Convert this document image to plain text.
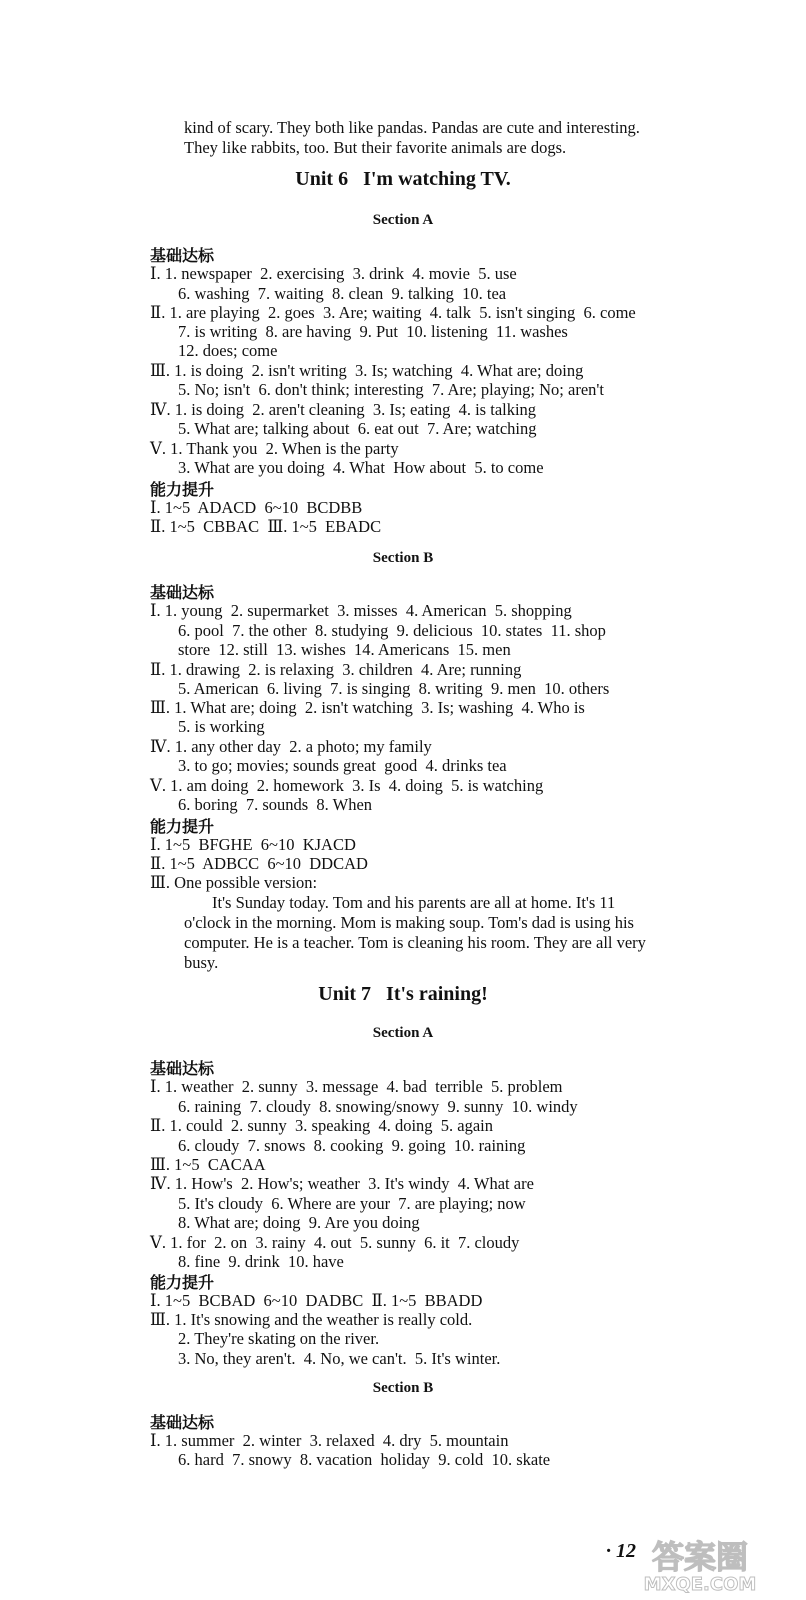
kind of scary. They both like pandas. Pandas are cute and interesting.
They like rabbits, too. But their favorite animals are dogs.
Unit 6   I'm watching TV.
Section A
基础达标
Ⅰ. 1. newspaper  2. exercising  3. drink  4. movie  5. use
6. washing  7. waiting  8. clean  9. talking  10. tea
Ⅱ. 1. are playing  2. goes  3. Are; waiting  4. talk  5. isn't singing  6. come
7. is writing  8. are having  9. Put  10. listening  11. washes
12. does; come
Ⅲ. 1. is doing  2. isn't writing  3. Is; watching  4. What are; doing
5. No; isn't  6. don't think; interesting  7. Are; playing; No; aren't
Ⅳ. 1. is doing  2. aren't cleaning  3. Is; eating  4. is talking
5. What are; talking about  6. eat out  7. Are; watching
Ⅴ. 1. Thank you  2. When is the party
3. What are you doing  4. What  How about  5. to come
能力提升
Ⅰ. 1~5  ADACD  6~10  BCDBB
Ⅱ. 1~5  CBBAC  Ⅲ. 1~5  EBADC
Section B
基础达标
Ⅰ. 1. young  2. supermarket  3. misses  4. American  5. shopping
6. pool  7. the other  8. studying  9. delicious  10. states  11. shop
store  12. still  13. wishes  14. Americans  15. men
Ⅱ. 1. drawing  2. is relaxing  3. children  4. Are; running
5. American  6. living  7. is singing  8. writing  9. men  10. others
Ⅲ. 1. What are; doing  2. isn't watching  3. Is; washing  4. Who is
5. is working
Ⅳ. 1. any other day  2. a photo; my family
3. to go; movies; sounds great  good  4. drinks tea
Ⅴ. 1. am doing  2. homework  3. Is  4. doing  5. is watching
6. boring  7. sounds  8. When
能力提升
Ⅰ. 1~5  BFGHE  6~10  KJACD
Ⅱ. 1~5  ADBCC  6~10  DDCAD
Ⅲ. One possible version:
It's Sunday today. Tom and his parents are all at home. It's 11
o'clock in the morning. Mom is making soup. Tom's dad is using his
computer. He is a teacher. Tom is cleaning his room. They are all very
busy.
Unit 7   It's raining!
Section A
基础达标
Ⅰ. 1. weather  2. sunny  3. message  4. bad  terrible  5. problem
6. raining  7. cloudy  8. snowing/snowy  9. sunny  10. windy
Ⅱ. 1. could  2. sunny  3. speaking  4. doing  5. again
6. cloudy  7. snows  8. cooking  9. going  10. raining
Ⅲ. 1~5  CACAA
Ⅳ. 1. How's  2. How's; weather  3. It's windy  4. What are
5. It's cloudy  6. Where are your  7. are playing; now
8. What are; doing  9. Are you doing
Ⅴ. 1. for  2. on  3. rainy  4. out  5. sunny  6. it  7. cloudy
8. fine  9. drink  10. have
能力提升
Ⅰ. 1~5  BCBAD  6~10  DADBC  Ⅱ. 1~5  BBADD
Ⅲ. 1. It's snowing and the weather is really cold.
2. They're skating on the river.
3. No, they aren't.  4. No, we can't.  5. It's winter.
Section B
基础达标
Ⅰ. 1. summer  2. winter  3. relaxed  4. dry  5. mountain
6. hard  7. snowy  8. vacation  holiday  9. cold  10. skate
· 12 答案圈
MXQE.COM
